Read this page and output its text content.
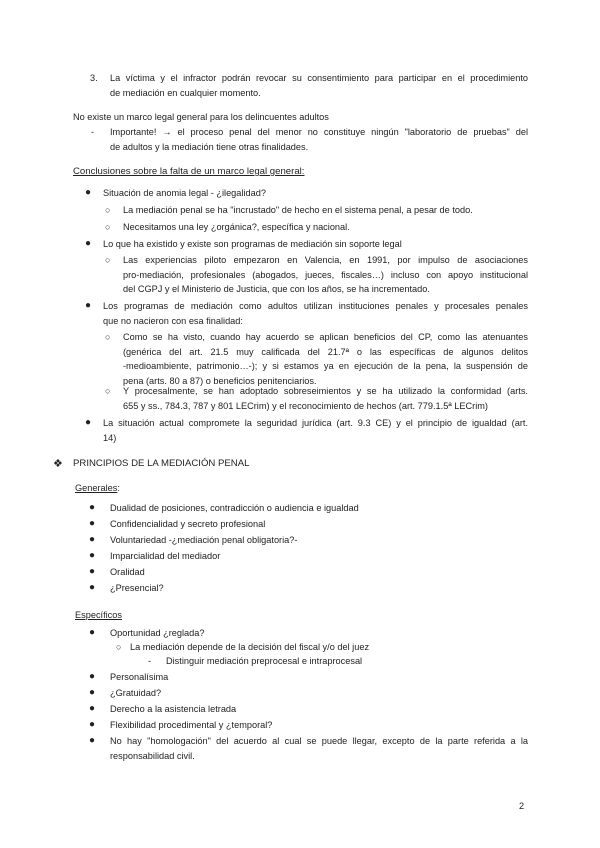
3. La víctima y el infractor podrán revocar su consentimiento para participar en el procedimiento
de mediación en cualquier momento.
No existe un marco legal general para los delincuentes adultos
- Importante! → el proceso penal del menor no constituye ningún "laboratorio de pruebas" del
de adultos y la mediación tiene otras finalidades.
Conclusiones sobre la falta de un marco legal general:
● Situación de anomia legal - ¿ilegalidad?
○ La mediación penal se ha "incrustado" de hecho en el sistema penal, a pesar de todo.
○ Necesitamos una ley ¿orgánica?, específica y nacional.
● Lo que ha existido y existe son programas de mediación sin soporte legal
○ Las experiencias piloto empezaron en Valencia, en 1991, por impulso de asociaciones
pro-mediación, profesionales (abogados, jueces, fiscales…) incluso con apoyo institucional
del CGPJ y el Ministerio de Justicia, que con los años, se ha incrementado.
● Los programas de mediación como adultos utilizan instituciones penales y procesales penales
que no nacieron con esa finalidad:
○ Como se ha visto, cuando hay acuerdo se aplican beneficios del CP, como las atenuantes
(genérica del art. 21.5 muy calificada del 21.7ª o las específicas de algunos delitos
-medioambiente, patrimonio…-); y si estamos ya en ejecución de la pena, la suspensión de
pena (arts. 80 a 87) o beneficios penitenciarios.
○ Y procesalmente, se han adoptado sobreseimientos y se ha utilizado la conformidad (arts.
655 y ss., 784.3, 787 y 801 LECrim) y el reconocimiento de hechos (art. 779.1.5ª LECrim)
● La situación actual compromete la seguridad jurídica (art. 9.3 CE) y el principio de igualdad (art.
14)
❖ PRINCIPIOS DE LA MEDIACIÓN PENAL
Generales:
● Dualidad de posiciones, contradicción o audiencia e igualdad
● Confidencialidad y secreto profesional
● Voluntariedad -¿mediación penal obligatoria?-
● Imparcialidad del mediador
● Oralidad
● ¿Presencial?
Específicos
● Oportunidad ¿reglada?
○ La mediación depende de la decisión del fiscal y/o del juez
- Distinguir mediación preprocesal e intraprocesal
● Personalísima
● ¿Gratuidad?
● Derecho a la asistencia letrada
● Flexibilidad procedimental y ¿temporal?
● No hay "homologación" del acuerdo al cual se puede llegar, excepto de la parte referida a la
responsabilidad civil.
2
